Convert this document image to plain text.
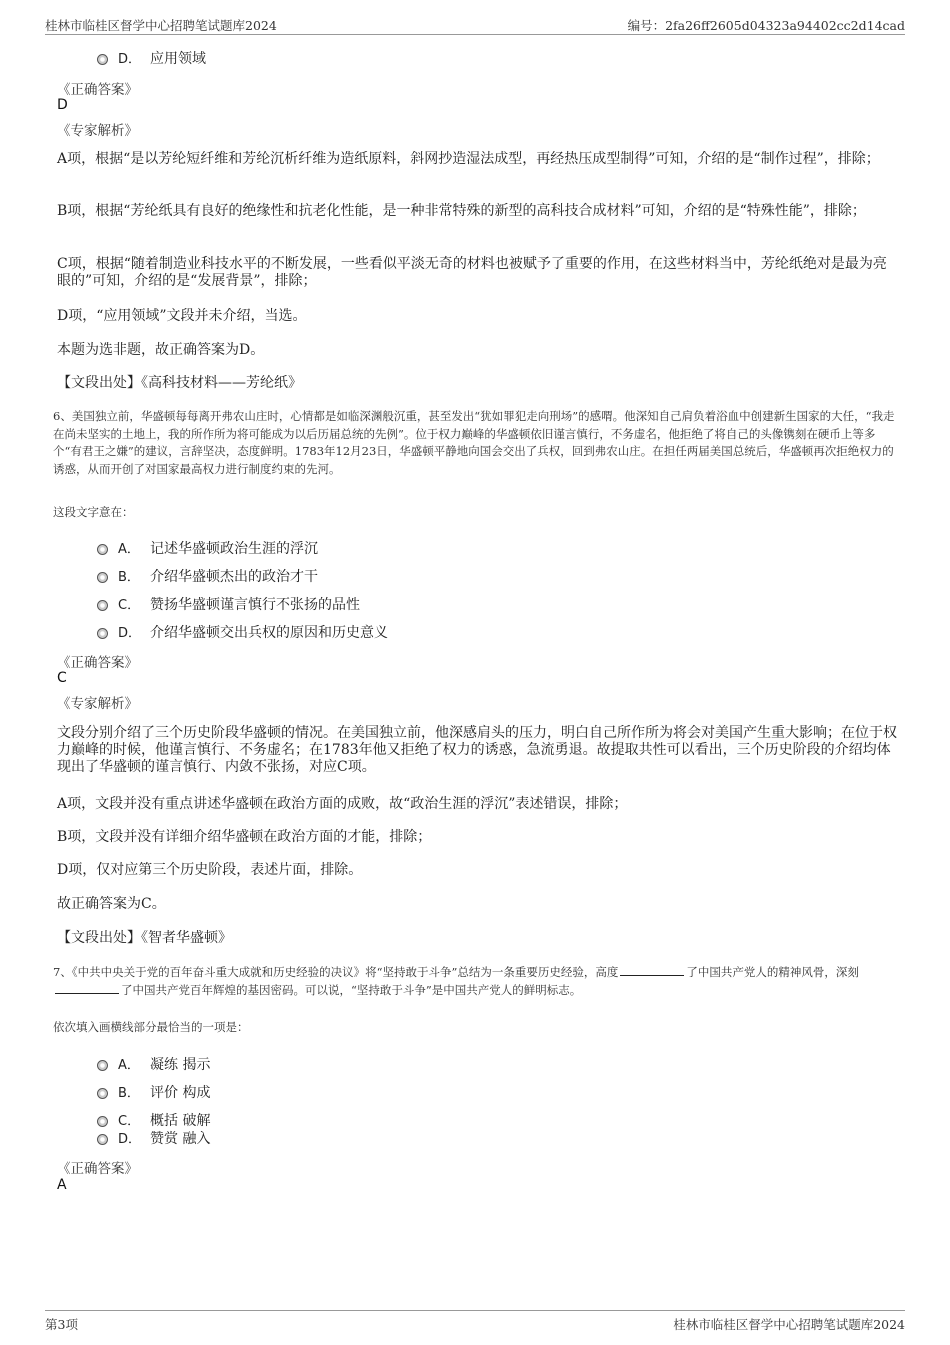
桂林市临桂区督学中心招聘笔试题库2024	编号：2fa26ff2605d04323a94402cc2d14cad
D． 应用领域
《正确答案》
D
《专家解析》
A项，根据“是以芳纶短纤维和芳纶沉析纤维为造纸原料，斜网抄造湿法成型，再经热压成型制得”可知，介绍的是“制作过程”，排除；
B项，根据“芳纶纸具有良好的绝缘性和抗老化性能，是一种非常特殊的新型的高科技合成材料”可知，介绍的是“特殊性能”，排除；
C项，根据“随着制造业科技水平的不断发展，一些看似平淡无奇的材料也被赋予了重要的作用，在这些材料当中，芳纶纸绝对是最为亮眼的”可知，介绍的是“发展背景”，排除；
D项，“应用领域”文段并未介绍，当选。
本题为选非题，故正确答案为D。
【文段出处】《高科技材料——芳纶纸》
6、美国独立前，华盛顿每每离开弗农山庄时，心情都是如临深渊般沉重，甚至发出“犹如罪犯走向刑场”的感喟。他深知自己肩负着浴血中创建新生国家的大任，“我走在尚未坚实的土地上，我的所作所为将可能成为以后历届总统的先例”。位于权力巅峰的华盛顿依旧谨言慎行，不务虚名，他拒绝了将自己的头像镌刻在硬币上等多个“有君王之嫌”的建议，言辞坚决，态度鲜明。1783年12月23日，华盛顿平静地向国会交出了兵权，回到弗农山庄。在担任两届美国总统后，华盛顿再次拒绝权力的诱惑，从而开创了对国家最高权力进行制度约束的先河。
这段文字意在：
A． 记述华盛顿政治生涯的浮沉
B． 介绍华盛顿杰出的政治才干
C． 赞扬华盛顿谨言慎行不张扬的品性
D． 介绍华盛顿交出兵权的原因和历史意义
《正确答案》
C
《专家解析》
文段分别介绍了三个历史阶段华盛顿的情况。在美国独立前，他深感肩头的压力，明白自己所作所为将会对美国产生重大影响；在位于权力巅峰的时候，他谨言慎行、不务虚名；在1783年他又拒绝了权力的诱惑，急流勇退。故提取共性可以看出，三个历史阶段的介绍均体现出了华盛顿的谨言慎行、内敛不张扬，对应C项。
A项，文段并没有重点讲述华盛顿在政治方面的成败，故“政治生涯的浮沉”表述错误，排除；
B项，文段并没有详细介绍华盛顿在政治方面的才能，排除；
D项，仅对应第三个历史阶段，表述片面，排除。
故正确答案为C。
【文段出处】《智者华盛顿》
7、《中共中央关于党的百年奋斗重大成就和历史经验的决议》将“坚持敢于斗争”总结为一条重要历史经验，高度	了中国共产党人的精神风骨，深刻了中国共产党百年辉煌的基因密码。可以说，“坚持敢于斗争”是中国共产党人的鲜明标志。
依次填入画横线部分最恰当的一项是：
A． 凝练 揭示
B． 评价 构成
C． 概括 破解
D． 赞赏 融入
《正确答案》
A
第3项	桂林市临桂区督学中心招聘笔试题库2024
